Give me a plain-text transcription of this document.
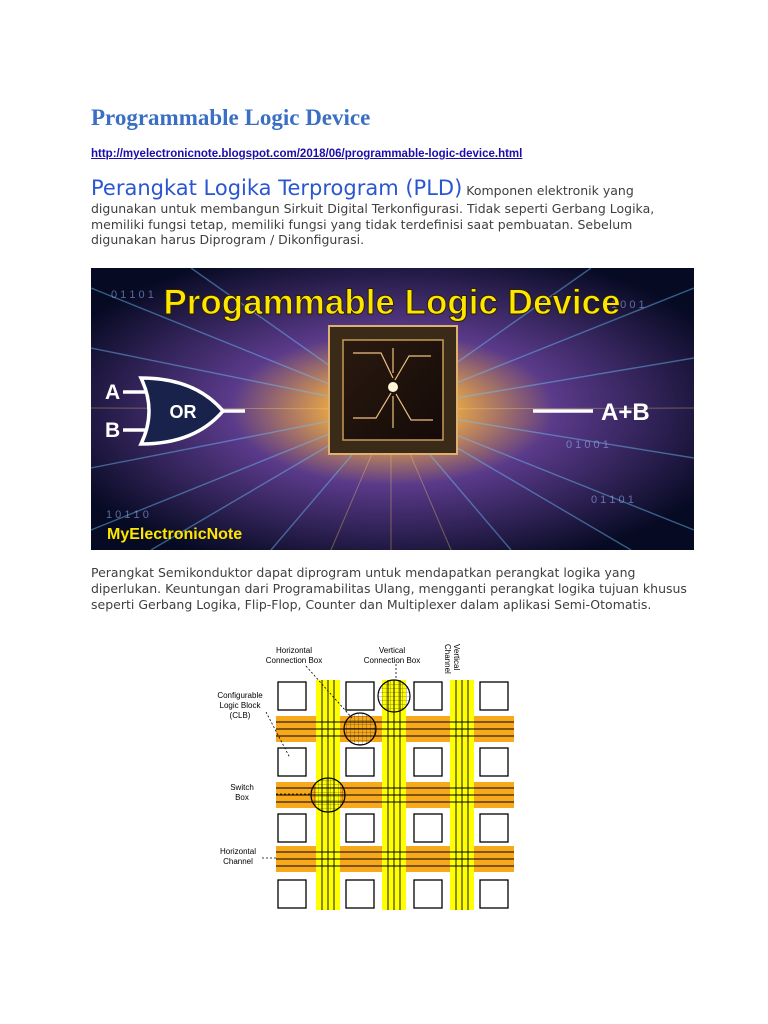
Programmable Logic Device
http://myelectronicnote.blogspot.com/2018/06/programmable-logic-device.html

Perangkat Logika Terprogram (PLD) Komponen elektronik yang digunakan untuk membangun Sirkuit Digital Terkonfigurasi. Tidak seperti Gerbang Logika, memiliki fungsi tetap, memiliki fungsi yang tidak terdefinisi saat pembuatan. Sebelum digunakan harus Diprogram / Dikonfigurasi.

0 1 1 0 1
1 0 0 1
1 0 1 1 0
0 1 1 0 1
0 1 0 0 1
Progammable Logic Device
A
B
OR	A+B
MyElectronicNote

Perangkat Semikonduktor dapat diprogram untuk mendapatkan perangkat logika yang diperlukan. Keuntungan dari Programabilitas Ulang, mengganti perangkat logika tujuan khusus seperti Gerbang Logika, Flip-Flop, Counter dan Multiplexer dalam aplikasi Semi-Otomatis.

Horizontal
Connection Box
Vertical
Connection Box
Configurable
Logic Block
(CLB)
Switch
Box
Horizontal
Channel
Vertical
Channel
